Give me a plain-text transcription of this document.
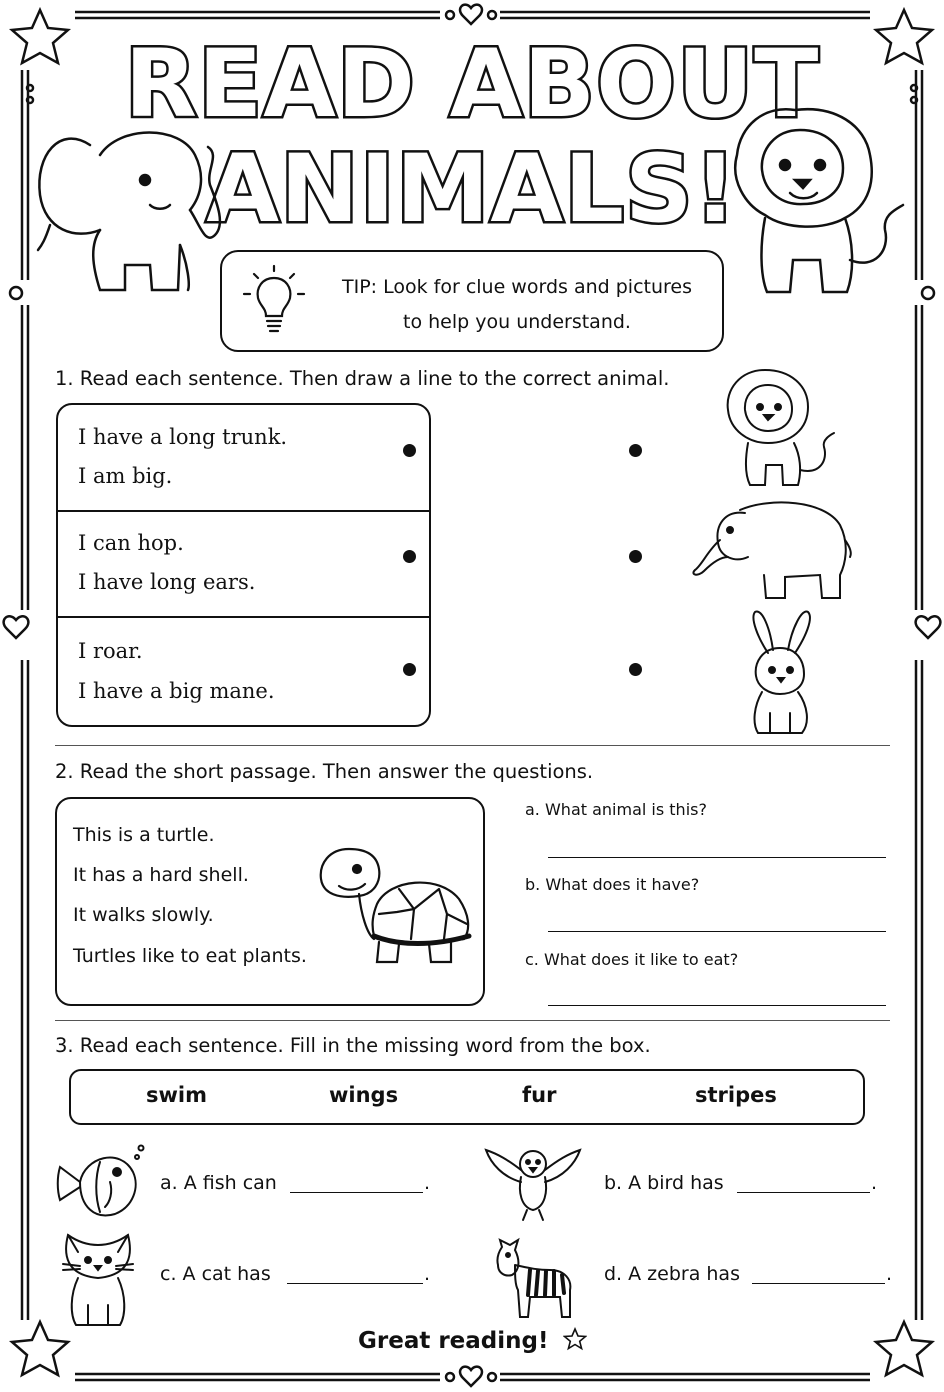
READ ABOUT
ANIMALS!
TIP: Look for clue words and pictures
to help you understand.
1. Read each sentence. Then draw a line to the correct animal.
I have a long trunk.
I am big.
I can hop.
I have long ears.
I roar.
I have a big mane.
2. Read the short passage. Then answer the questions.
This is a turtle.
It has a hard shell.
It walks slowly.
Turtles like to eat plants.
a. What animal is this?
b. What does it have?
c. What does it like to eat?
3. Read each sentence. Fill in the missing word from the box.
swim	wings	fur	stripes
a. A fish can	.	b. A bird has	.
c. A cat has	.	d. A zebra has	.
Great reading!
